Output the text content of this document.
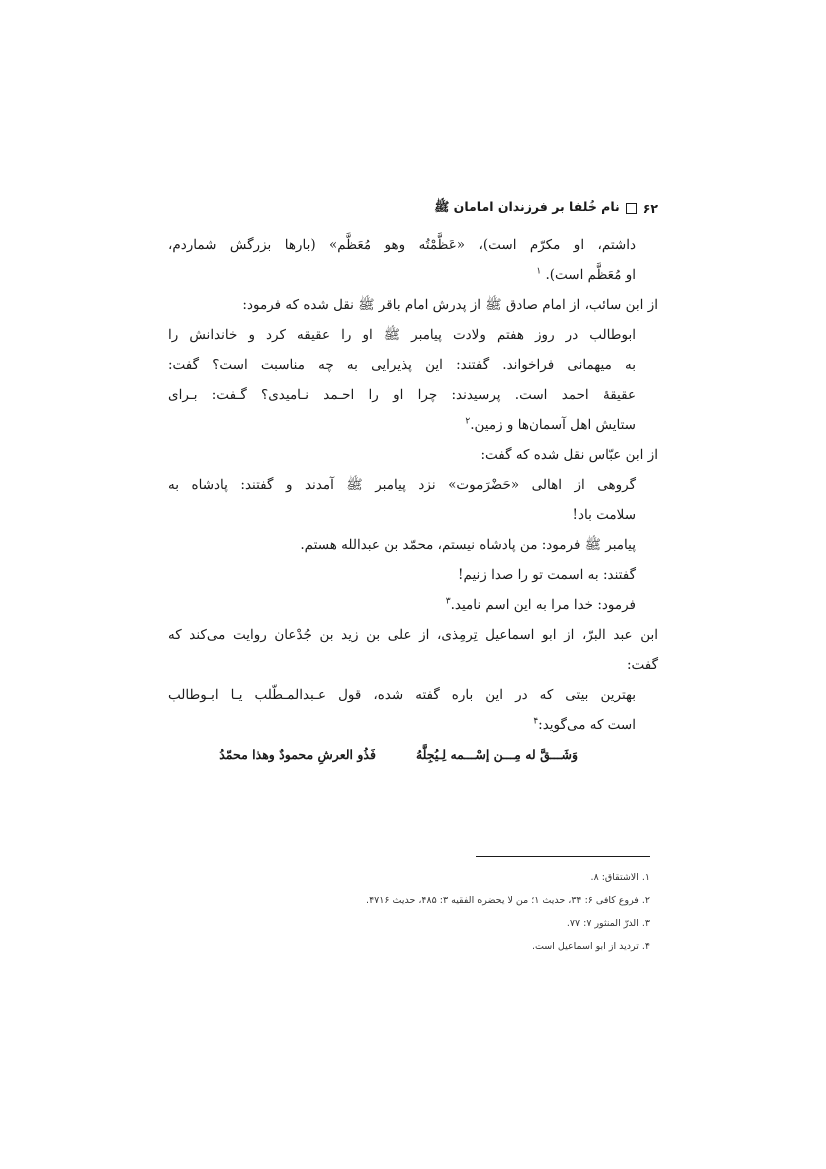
۶۲
نام خُلفا بر فرزندان امامان ﷺ
داشتم، او مکرّم است)، «عَظَّمْتُه وهو مُعَظَّم» (بارها بزرگش شماردم،
او مُعَظَّم است). $^۱$
از ابن سائب، از امام صادق ﷺ از پدرش امام باقر ﷺ نقل شده که فرمود:
ابوطالب در روز هفتم ولادت پیامبر ﷺ او را عقیقه کرد و خاندانش را
به میهمانی فراخواند. گفتند: این پذیرایی به چه مناسبت است؟ گفت:
عقیقهٔ احمد است. پرسیدند: چرا او را احـمد نـامیدی؟ گـفت: بـرای
ستایش اهل آسمان‌ها و زمین.$^۲$
از ابن عبّاس نقل شده که گفت:
گروهی از اهالی «حَضْرَموت» نزد پیامبر ﷺ آمدند و گفتند: پادشاه به
سلامت باد!
پیامبر ﷺ فرمود: من پادشاه نیستم، محمّد بن عبدالله هستم.
گفتند: به اسمت تو را صدا زنیم!
فرمود: خدا مرا به این اسم نامید.$^۳$
ابن عبد البرّ، از ابو اسماعیل تِرمِذی، از علی بن زید بن جُدْعان روایت می‌کند که
گفت:
بهترین بیتی که در این باره گفته شده، قول عـبدالمـطّلب یـا ابـوطالب
است که می‌گوید:$^۴$
وَشَـــقَّ له مِـــن إسْـــمه لِـيُجِلَّهُ
فَذُو العرشِ محمودٌ وهذا محمّدُ
۱. الاشتقاق: ۸.
۲. فروع کافی ۶: ۳۴، حدیث ۱؛ من لا یحضره الفقیه ۳: ۴۸۵، حدیث ۴۷۱۶.
۳. الدرّ المنثور ۷: ۷۷.
۴. تردید از ابو اسماعیل است.
